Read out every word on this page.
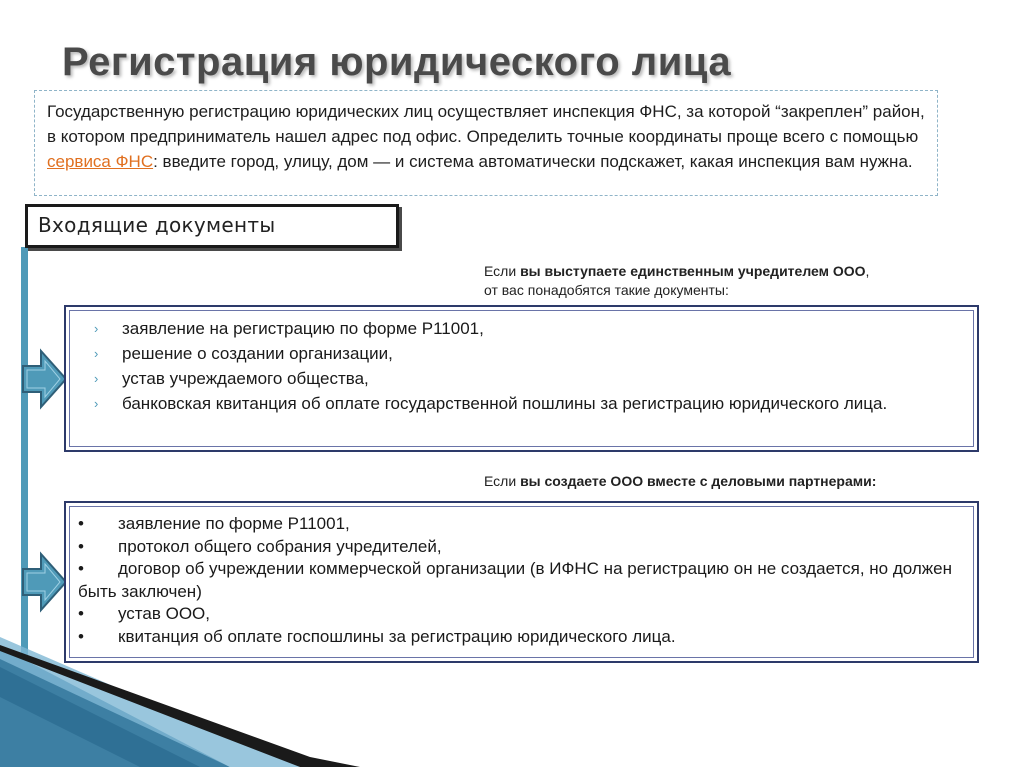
Регистрация юридического лица
Государственную регистрацию юридических лиц осуществляет инспекция ФНС, за которой “закреплен” район, в котором предприниматель нашел адрес под офис. Определить точные координаты проще всего с помощью сервиса ФНС: введите город, улицу, дом — и система автоматически подскажет, какая инспекция вам нужна.
Входящие документы
Если вы выступаете единственным учредителем ООО,
от вас понадобятся такие документы:
› заявление на регистрацию по форме Р11001,
› решение о создании организации,
› устав учреждаемого общества,
› банковская квитанция об оплате государственной пошлины за регистрацию юридического лица.
Если вы создаете ООО вместе с деловыми партнерами:
• заявление по форме Р11001,
• протокол общего собрания учредителей,
• договор об учреждении коммерческой организации (в ИФНС на регистрацию он не создается, но должен быть заключен)
• устав ООО,
• квитанция об оплате госпошлины за регистрацию юридического лица.
